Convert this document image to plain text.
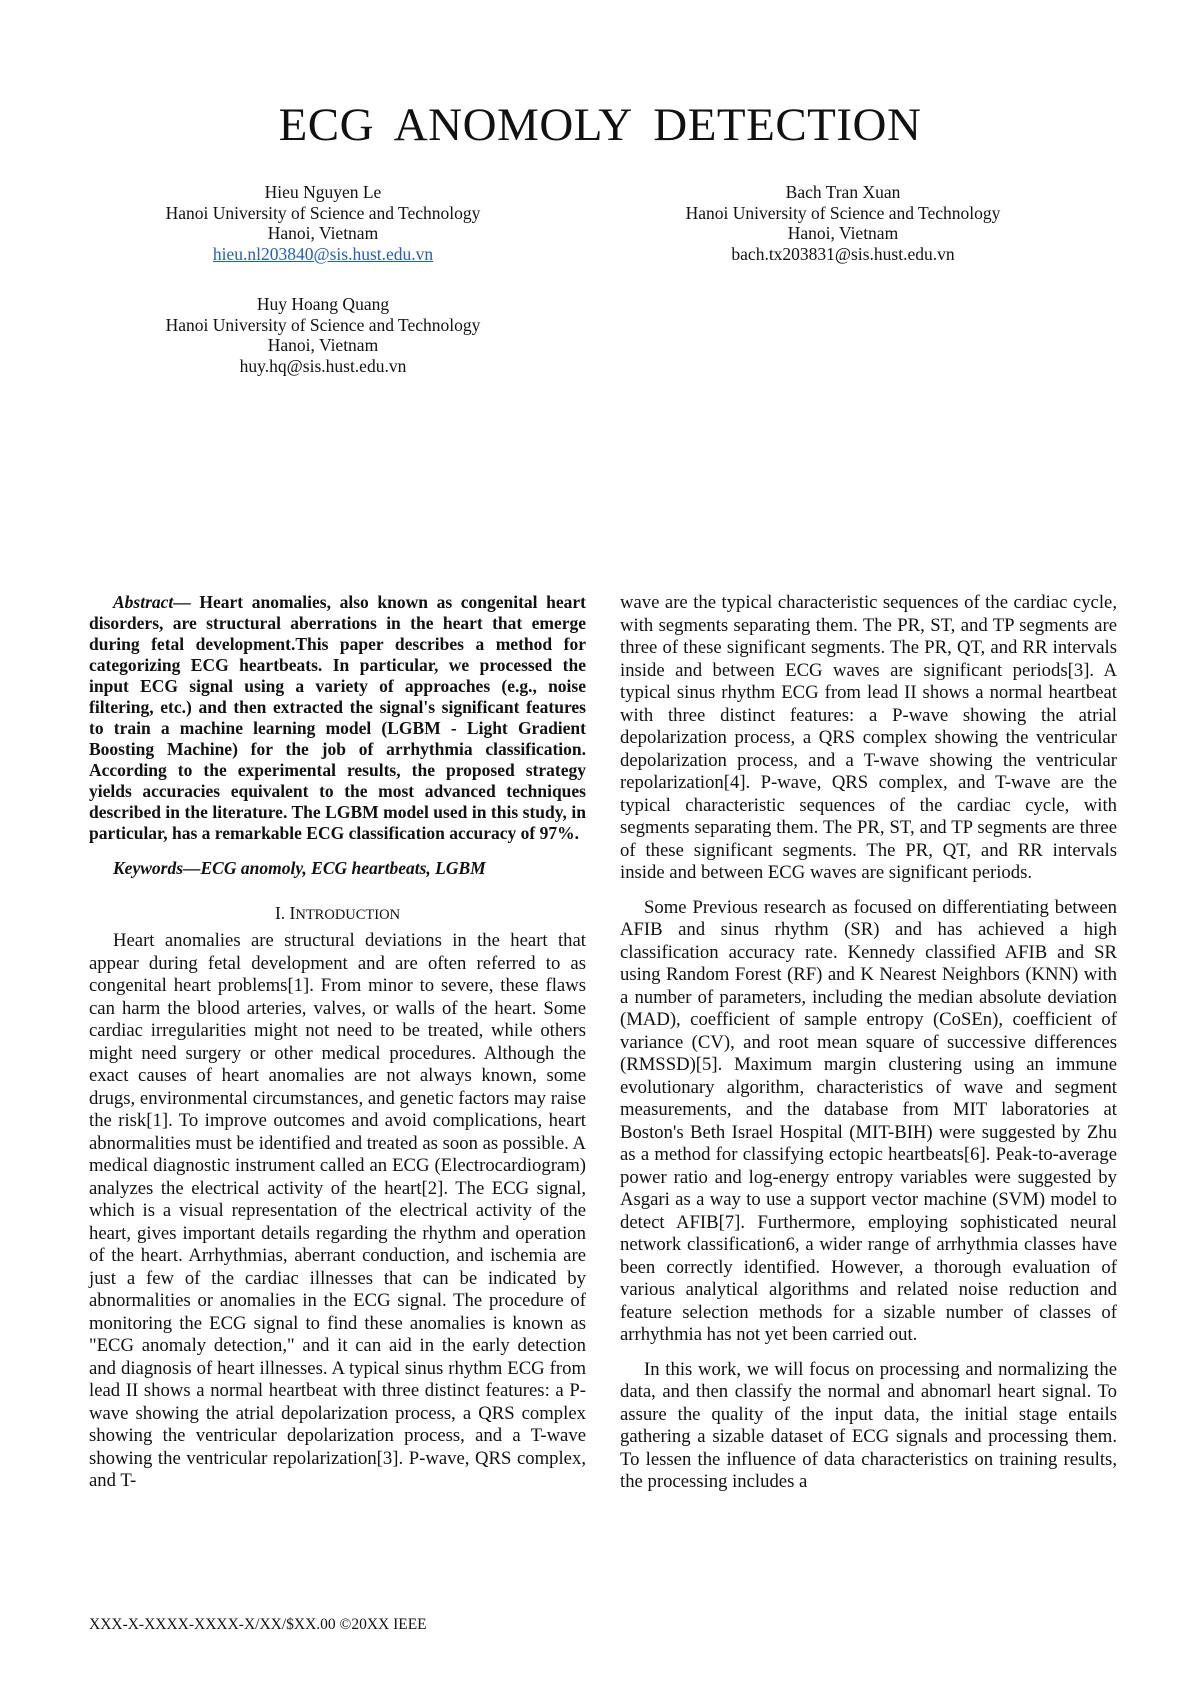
ECG ANOMOLY DETECTION
Hieu Nguyen Le
Hanoi University of Science and Technology
Hanoi, Vietnam
hieu.nl203840@sis.hust.edu.vn
Bach Tran Xuan
Hanoi University of Science and Technology
Hanoi, Vietnam
bach.tx203831@sis.hust.edu.vn
Huy Hoang Quang
Hanoi University of Science and Technology
Hanoi, Vietnam
huy.hq@sis.hust.edu.vn

Abstract— Heart anomalies, also known as congenital heart disorders, are structural aberrations in the heart that emerge during fetal development.This paper describes a method for categorizing ECG heartbeats. In particular, we processed the input ECG signal using a variety of approaches (e.g., noise filtering, etc.) and then extracted the signal's significant features to train a machine learning model (LGBM - Light Gradient Boosting Machine) for the job of arrhythmia classification. According to the experimental results, the proposed strategy yields accuracies equivalent to the most advanced techniques described in the literature. The LGBM model used in this study, in particular, has a remarkable ECG classification accuracy of 97%.

Keywords—ECG anomoly, ECG heartbeats, LGBM

I. INTRODUCTION

Heart anomalies are structural deviations in the heart that appear during fetal development and are often referred to as congenital heart problems[1]. From minor to severe, these flaws can harm the blood arteries, valves, or walls of the heart. Some cardiac irregularities might not need to be treated, while others might need surgery or other medical procedures. Although the exact causes of heart anomalies are not always known, some drugs, environmental circumstances, and genetic factors may raise the risk[1]. To improve outcomes and avoid complications, heart abnormalities must be identified and treated as soon as possible. A medical diagnostic instrument called an ECG (Electrocardiogram) analyzes the electrical activity of the heart[2]. The ECG signal, which is a visual representation of the electrical activity of the heart, gives important details regarding the rhythm and operation of the heart. Arrhythmias, aberrant conduction, and ischemia are just a few of the cardiac illnesses that can be indicated by abnormalities or anomalies in the ECG signal. The procedure of monitoring the ECG signal to find these anomalies is known as "ECG anomaly detection," and it can aid in the early detection and diagnosis of heart illnesses. A typical sinus rhythm ECG from lead II shows a normal heartbeat with three distinct features: a P-wave showing the atrial depolarization process, a QRS complex showing the ventricular depolarization process, and a T-wave showing the ventricular repolarization[3]. P-wave, QRS complex, and T-

wave are the typical characteristic sequences of the cardiac cycle, with segments separating them. The PR, ST, and TP segments are three of these significant segments. The PR, QT, and RR intervals inside and between ECG waves are significant periods[3]. A typical sinus rhythm ECG from lead II shows a normal heartbeat with three distinct features: a P-wave showing the atrial depolarization process, a QRS complex showing the ventricular depolarization process, and a T-wave showing the ventricular repolarization[4]. P-wave, QRS complex, and T-wave are the typical characteristic sequences of the cardiac cycle, with segments separating them. The PR, ST, and TP segments are three of these significant segments. The PR, QT, and RR intervals inside and between ECG waves are significant periods.

Some Previous research as focused on differentiating between AFIB and sinus rhythm (SR) and has achieved a high classification accuracy rate. Kennedy classified AFIB and SR using Random Forest (RF) and K Nearest Neighbors (KNN) with a number of parameters, including the median absolute deviation (MAD), coefficient of sample entropy (CoSEn), coefficient of variance (CV), and root mean square of successive differences (RMSSD)[5]. Maximum margin clustering using an immune evolutionary algorithm, characteristics of wave and segment measurements, and the database from MIT laboratories at Boston's Beth Israel Hospital (MIT-BIH) were suggested by Zhu as a method for classifying ectopic heartbeats[6]. Peak-to-average power ratio and log-energy entropy variables were suggested by Asgari as a way to use a support vector machine (SVM) model to detect AFIB[7]. Furthermore, employing sophisticated neural network classification6, a wider range of arrhythmia classes have been correctly identified. However, a thorough evaluation of various analytical algorithms and related noise reduction and feature selection methods for a sizable number of classes of arrhythmia has not yet been carried out.

In this work, we will focus on processing and normalizing the data, and then classify the normal and abnomarl heart signal. To assure the quality of the input data, the initial stage entails gathering a sizable dataset of ECG signals and processing them. To lessen the influence of data characteristics on training results, the processing includes a

XXX-X-XXXX-XXXX-X/XX/$XX.00 ©20XX IEEE
